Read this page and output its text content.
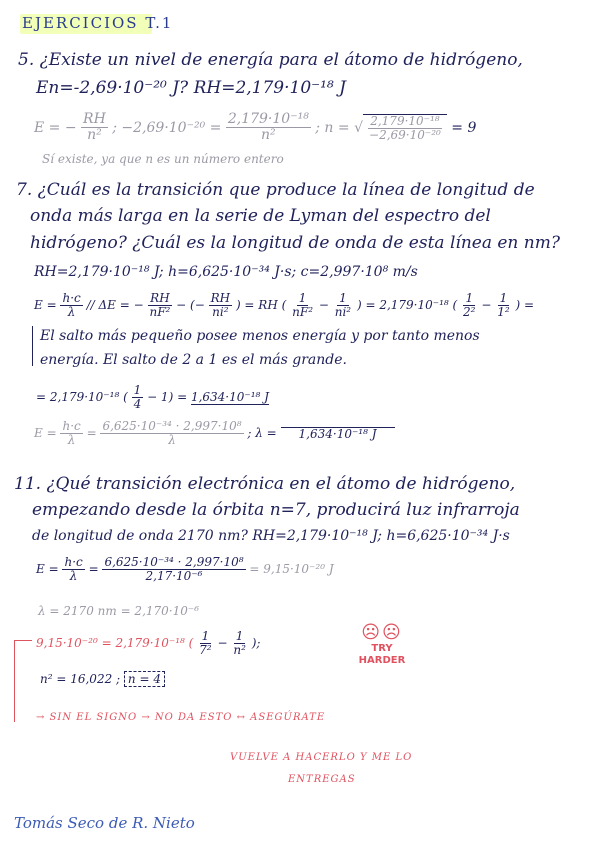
EJERCICIOS T.1
5. ¿Existe un nivel de energía para el átomo de hidrógeno,
En=-2,69·10⁻²⁰ J? RH=2,179·10⁻¹⁸ J
E = − $\frac{RH}{\text{n²}}$ ; $-2,69\cdot 10^{-20} = \frac{\text{2,179·10⁻¹⁸}}{\text{n²}}$ ; n = √ $\frac{\text{2,179·10⁻¹⁸}}{\text{−2,69·10⁻²⁰}} = 9$
Sí existe, ya que n es un número entero
7. ¿Cuál es la transición que produce la línea de longitud de
onda más larga en la serie de Lyman del espectro del
hidrógeno? ¿Cuál es la longitud de onda de esta línea en nm?
RH=2,179·10⁻¹⁸ J; h=6,625·10⁻³⁴ J·s; c=2,997·10⁸ m/s
$E = \frac{h\cdot c}{\lambda} // \Delta E$ = − $\frac{RH}{\text{nF²}}$ − (− $\frac{RH}{\text{ni²}}$ ) = RH ( $\frac{1}{\text{nF²}} - \frac{1}{\text{ni²}}$ ) = 2,179·10⁻¹⁸ ( $\frac{1}{\text{2²}} - \frac{1}{\text{1²}}$ ) =
El salto más pequeño posee menos energía y por tanto menos
energía. El salto de 2 a 1 es el más grande.
= 2,179·10⁻¹⁸ ( $\frac{1}{4} - 1) = 1,634\cdot 10^{-18}$ J
$E = \frac{h\cdot c}{\lambda} = \frac{\text{6,625·10⁻³⁴ · 2,997·10⁸}}{\lambda}$ ; λ = 1,634·10⁻¹⁸ J
11. ¿Qué transición electrónica en el átomo de hidrógeno,
empezando desde la órbita n=7, producirá luz infrarroja
de longitud de onda 2170 nm? RH=2,179·10⁻¹⁸ J; h=6,625·10⁻³⁴ J·s
$E = \frac{h\cdot c}{\lambda} = \frac{\text{6,625·10⁻³⁴ · 2,997·10⁸}}{\text{2,17·10⁻⁶}} = 9,15\cdot 10^{-20}$ J
λ = 2170 nm = 2,170·10⁻⁶
9,15·10⁻²⁰ = 2,179·10⁻¹⁸ ( $\frac{1}{\text{7²}} - \frac{1}{\text{n²}}$ );
n² = 16,022 ; n = 4
☹☹
TRY
HARDER
→ SIN EL SIGNO → NO DA ESTO ↔ ASEGÚRATE
VUELVE A HACERLO Y ME LO
ENTREGAS
Tomás Seco de R. Nieto
